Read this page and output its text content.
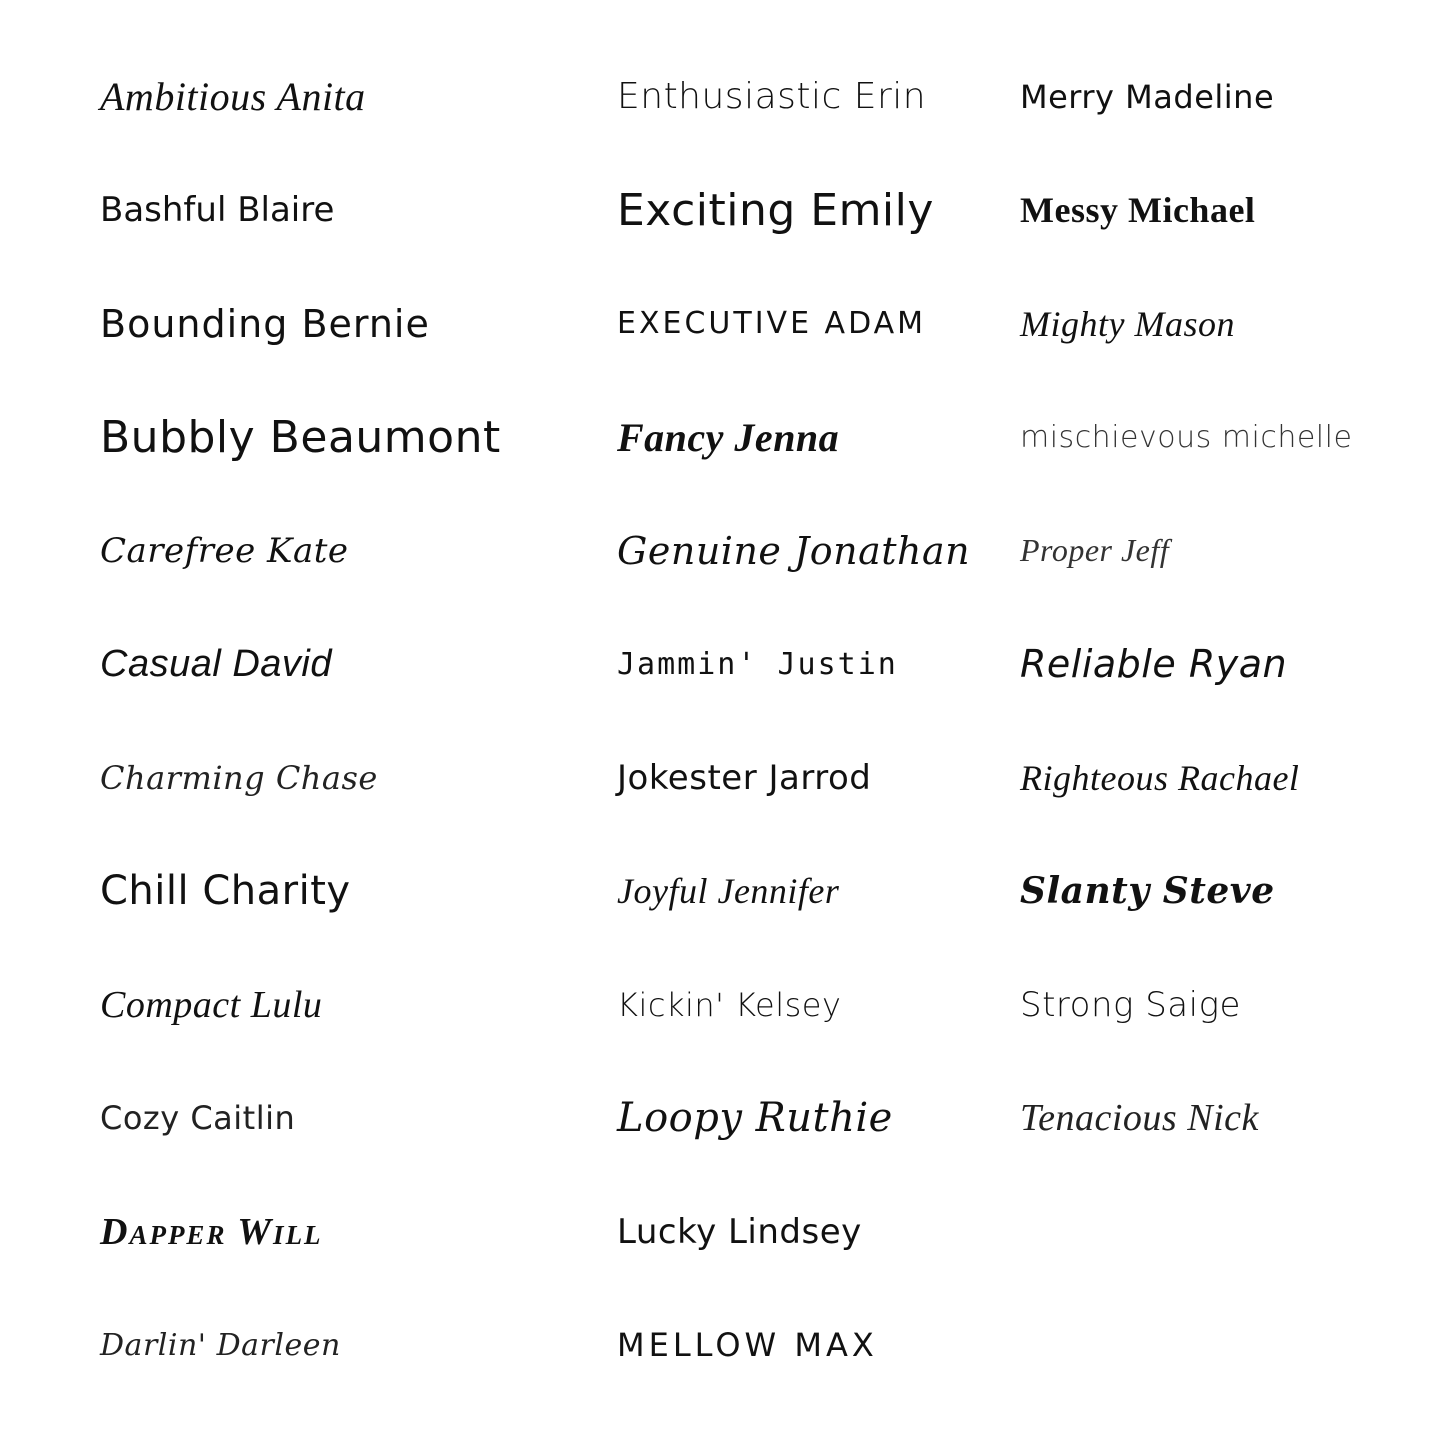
Ambitious Anita
Bashful Blaire
Bounding Bernie
Bubbly Beaumont
Carefree Kate
Casual David
Charming Chase
Chill Charity
Compact Lulu
Cozy Caitlin
Dapper Will
Darlin' Darleen
Enthusiastic Erin
Exciting Emily
EXECUTIVE ADAM
Fancy Jenna
Genuine Jonathan
Jammin' Justin
Jokester Jarrod
Joyful Jennifer
Kickin' Kelsey
Loopy Ruthie
Lucky Lindsey
MELLOW MAX
Merry Madeline
Messy Michael
Mighty Mason
mischievous michelle
Proper Jeff
Reliable Ryan
Righteous Rachael
Slanty Steve
Strong Saige
Tenacious Nick
